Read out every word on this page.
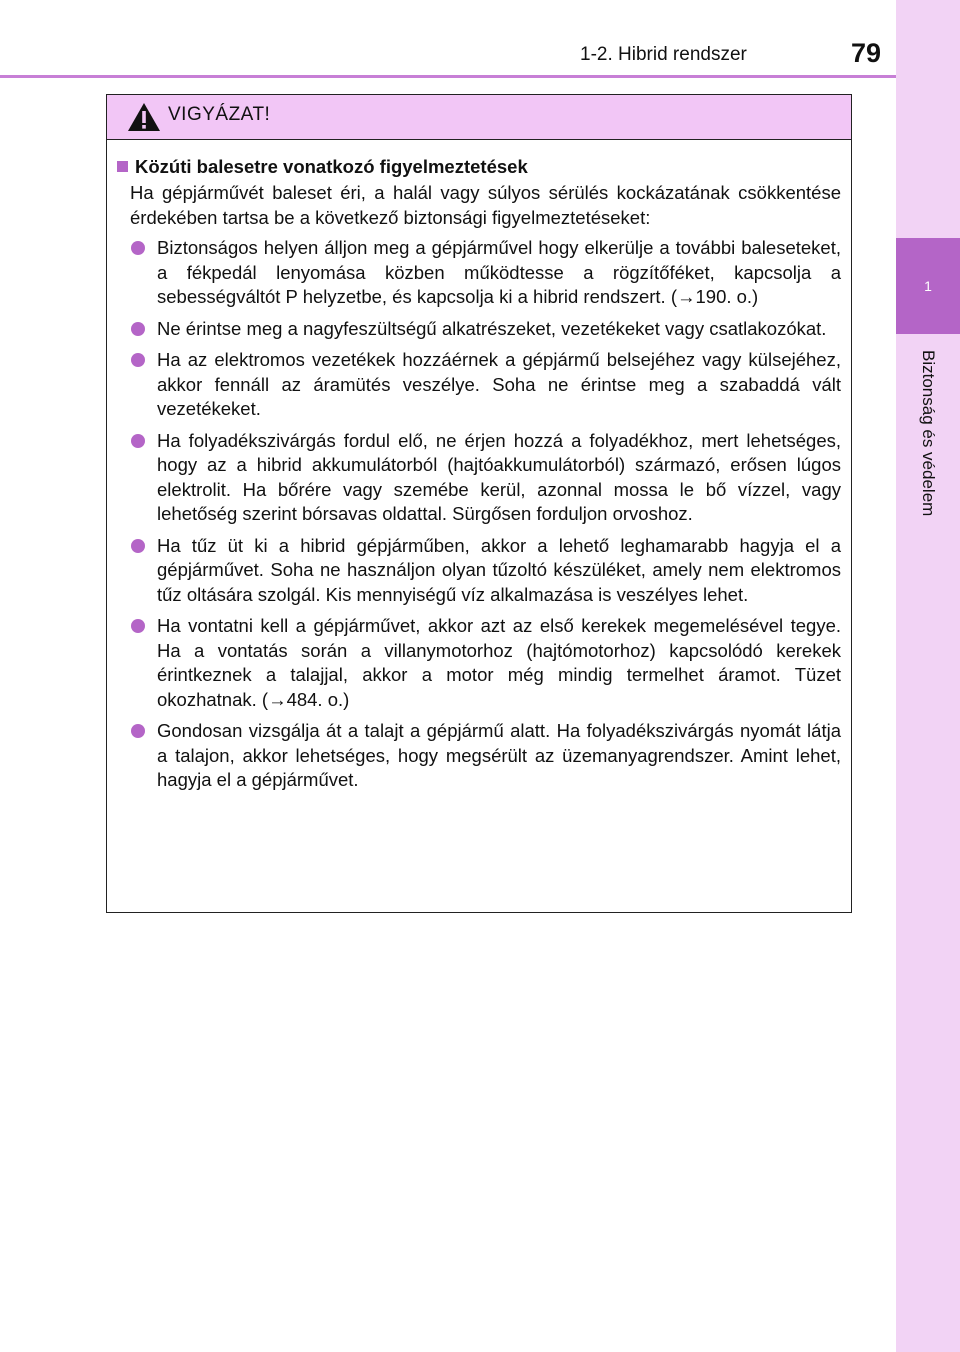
1-2. Hibrid rendszer	79
1
Biztonság és védelem
VIGYÁZAT!
Közúti balesetre vonatkozó figyelmeztetések

Ha gépjárművét baleset éri, a halál vagy súlyos sérülés kockázatának csökkentése érdekében tartsa be a következő biztonsági figyelmeztetéseket:

Biztonságos helyen álljon meg a gépjárművel hogy elkerülje a további baleseteket, a fékpedál lenyomása közben működtesse a rögzítőféket, kapcsolja a sebességváltót P helyzetbe, és kapcsolja ki a hibrid rendszert. (→190. o.)
Ne érintse meg a nagyfeszültségű alkatrészeket, vezetékeket vagy csatlakozókat.
Ha az elektromos vezetékek hozzáérnek a gépjármű belsejéhez vagy külsejéhez, akkor fennáll az áramütés veszélye. Soha ne érintse meg a szabaddá vált vezetékeket.
Ha folyadékszivárgás fordul elő, ne érjen hozzá a folyadékhoz, mert lehetséges, hogy az a hibrid akkumulátorból (hajtóakkumulátorból) származó, erősen lúgos elektrolit. Ha bőrére vagy szemébe kerül, azonnal mossa le bő vízzel, vagy lehetőség szerint bórsavas oldattal. Sürgősen forduljon orvoshoz.
Ha tűz üt ki a hibrid gépjárműben, akkor a lehető leghamarabb hagyja el a gépjárművet. Soha ne használjon olyan tűzoltó készüléket, amely nem elektromos tűz oltására szolgál. Kis mennyiségű víz alkalmazása is veszélyes lehet.
Ha vontatni kell a gépjárművet, akkor azt az első kerekek megemelésével tegye. Ha a vontatás során a villanymotorhoz (hajtómotorhoz) kapcsolódó kerekek érintkeznek a talajjal, akkor a motor még mindig termelhet áramot. Tüzet okozhatnak. (→484. o.)
Gondosan vizsgálja át a talajt a gépjármű alatt. Ha folyadékszivárgás nyomát látja a talajon, akkor lehetséges, hogy megsérült az üzemanyagrendszer. Amint lehet, hagyja el a gépjárművet.
